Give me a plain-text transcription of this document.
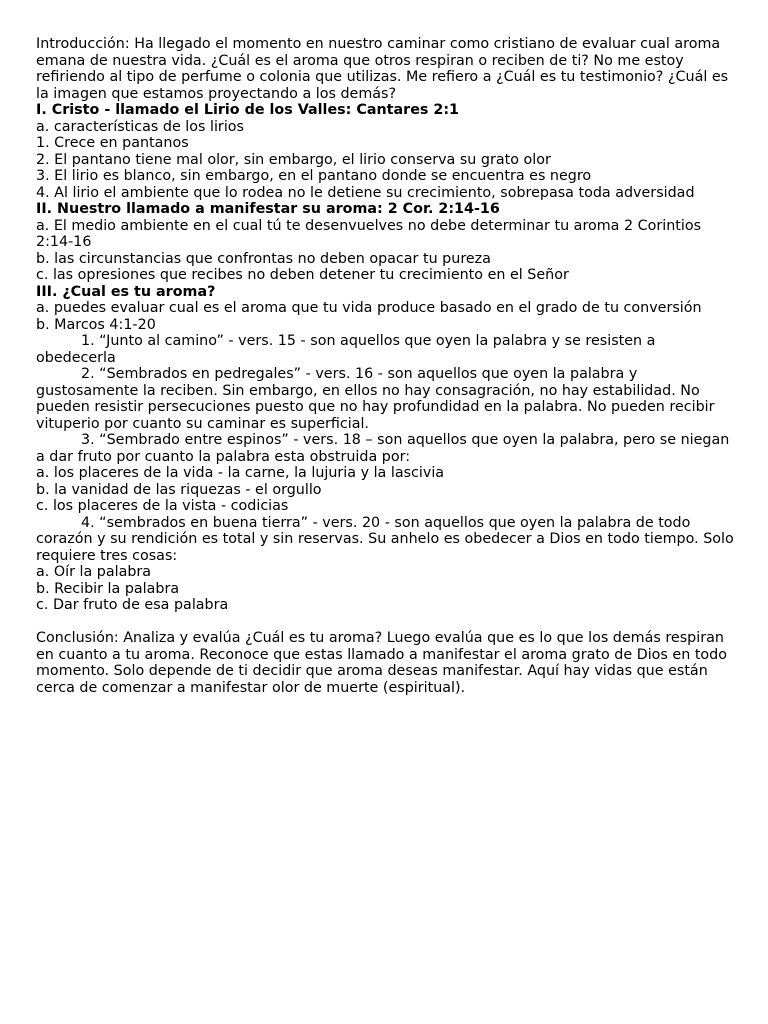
Introducción: Ha llegado el momento en nuestro caminar como cristiano de evaluar cual aroma emana de nuestra vida. ¿Cuál es el aroma que otros respiran o reciben de ti? No me estoy refiriendo al tipo de perfume o colonia que utilizas. Me refiero a ¿Cuál es tu testimonio? ¿Cuál es la imagen que estamos proyectando a los demás?

I. Cristo - llamado el Lirio de los Valles: Cantares 2:1

a. características de los lirios

1. Crece en pantanos

2. El pantano tiene mal olor, sin embargo, el lirio conserva su grato olor

3. El lirio es blanco, sin embargo, en el pantano donde se encuentra es negro

4. Al lirio el ambiente que lo rodea no le detiene su crecimiento, sobrepasa toda adversidad

II. Nuestro llamado a manifestar su aroma: 2 Cor. 2:14-16

a. El medio ambiente en el cual tú te desenvuelves no debe determinar tu aroma 2 Corintios 2:14-16

b. las circunstancias que confrontas no deben opacar tu pureza

c. las opresiones que recibes no deben detener tu crecimiento en el Señor

III. ¿Cual es tu aroma?

a. puedes evaluar cual es el aroma que tu vida produce basado en el grado de tu conversión

b. Marcos 4:1-20

1. “Junto al camino” - vers. 15 - son aquellos que oyen la palabra y se resisten a obedecerla

2. “Sembrados en pedregales” - vers. 16 - son aquellos que oyen la palabra y gustosamente la reciben. Sin embargo, en ellos no hay consagración, no hay estabilidad. No pueden resistir persecuciones puesto que no hay profundidad en la palabra. No pueden recibir vituperio por cuanto su caminar es superficial.

3. “Sembrado entre espinos” - vers. 18 – son aquellos que oyen la palabra, pero se niegan a dar fruto por cuanto la palabra esta obstruida por:

a. los placeres de la vida - la carne, la lujuria y la lascivia

b. la vanidad de las riquezas - el orgullo

c. los placeres de la vista - codicias

4. “sembrados en buena tierra” - vers. 20 - son aquellos que oyen la palabra de todo corazón y su rendición es total y sin reservas. Su anhelo es obedecer a Dios en todo tiempo. Solo requiere tres cosas:

a. Oír la palabra

b. Recibir la palabra

c. Dar fruto de esa palabra

Conclusión: Analiza y evalúa ¿Cuál es tu aroma? Luego evalúa que es lo que los demás respiran en cuanto a tu aroma. Reconoce que estas llamado a manifestar el aroma grato de Dios en todo momento. Solo depende de ti decidir que aroma deseas manifestar. Aquí hay vidas que están cerca de comenzar a manifestar olor de muerte (espiritual).
